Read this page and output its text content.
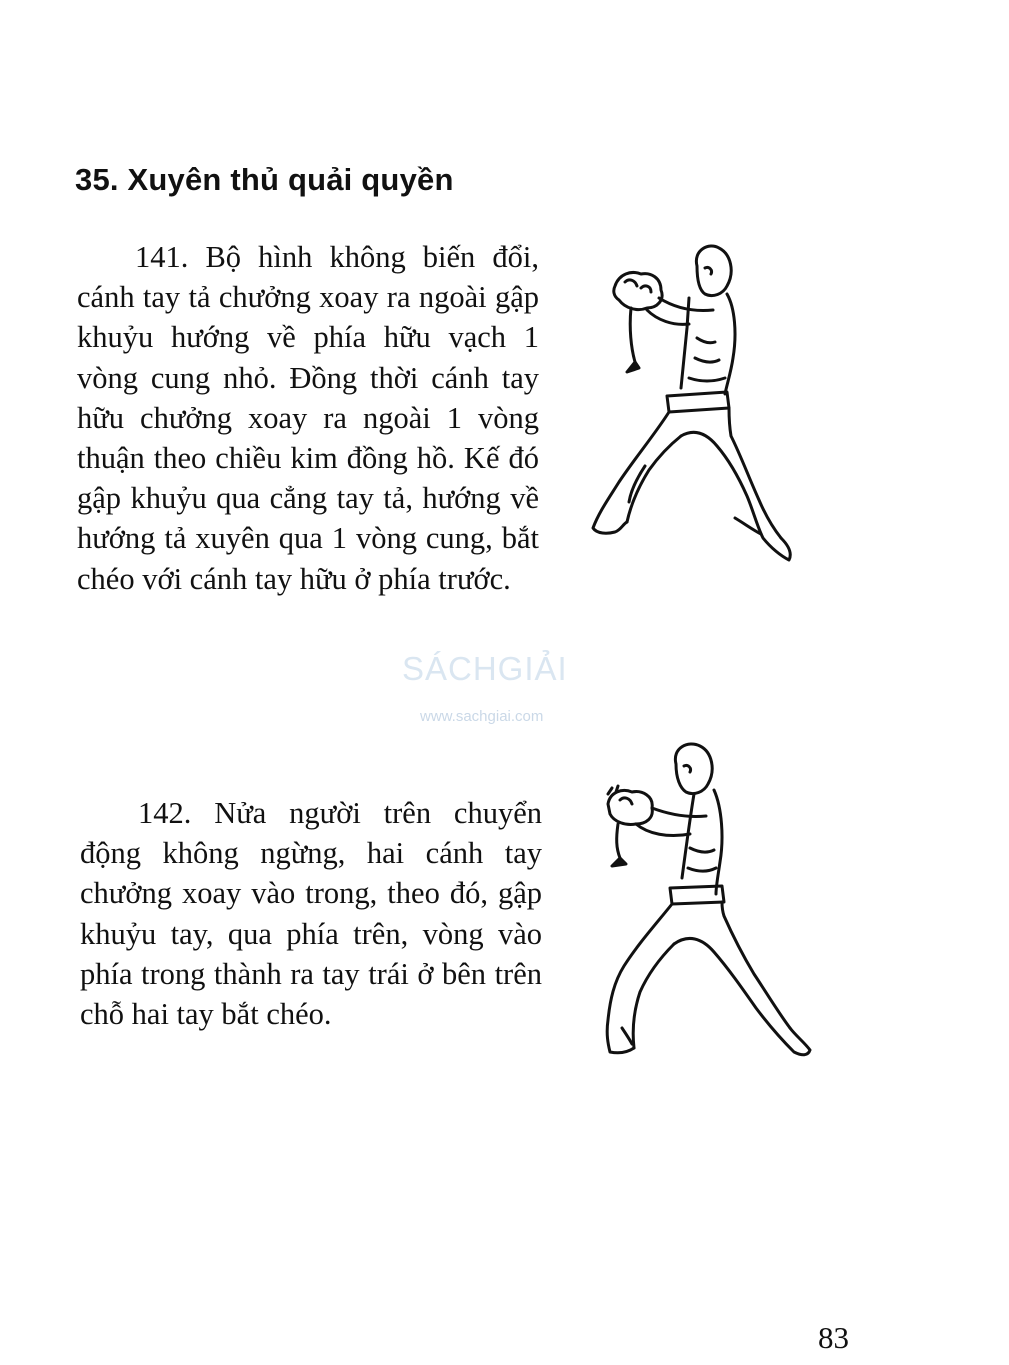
35. Xuyên thủ quải quyền

141. Bộ hình không biến đổi, cánh tay tả chưởng xoay ra ngoài gập khuỷu hướng về phía hữu vạch 1 vòng cung nhỏ. Đồng thời cánh tay hữu chưởng xoay ra ngoài 1 vòng thuận theo chiều kim đồng hồ. Kế đó gập khuỷu qua cẳng tay tả, hướng về hướng tả xuyên qua 1 vòng cung, bắt chéo với cánh tay hữu ở phía trước.

SÁCHGIẢI
www.sachgiai.com

142. Nửa người trên chuyển động không ngừng, hai cánh tay chưởng xoay vào trong, theo đó, gập khuỷu tay, qua phía trên, vòng vào phía trong thành ra tay trái ở bên trên chỗ hai tay bắt chéo.

83
